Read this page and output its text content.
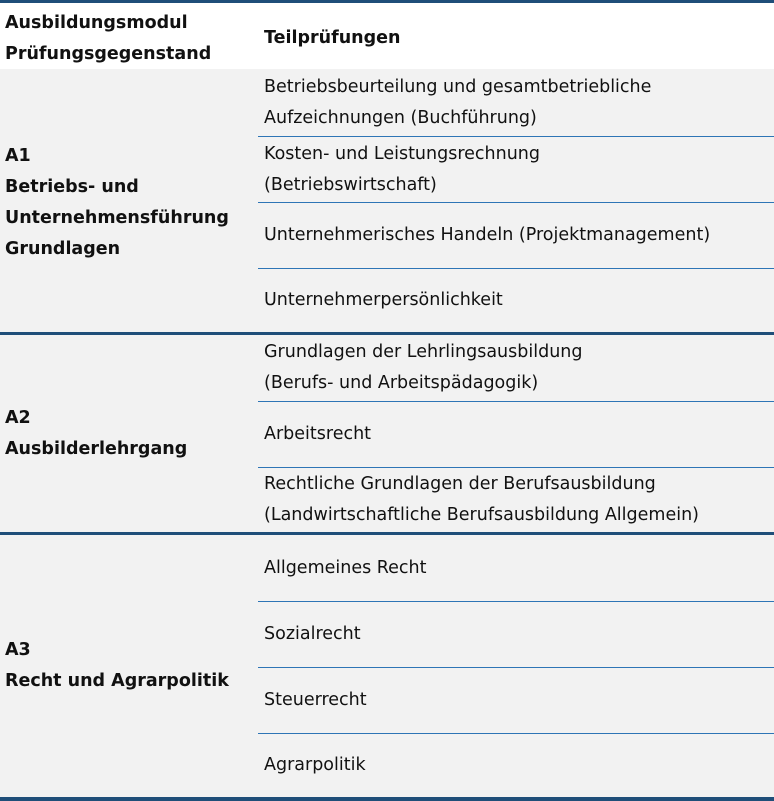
Ausbildungsmodul
Prüfungsgegenstand
Teilprüfungen
A1
Betriebs- und
Unternehmensführung
Grundlagen
Betriebsbeurteilung und gesamtbetriebliche
Aufzeichnungen (Buchführung)
Kosten- und Leistungsrechnung
(Betriebswirtschaft)
Unternehmerisches Handeln (Projektmanagement)
Unternehmerpersönlichkeit
A2
Ausbilderlehrgang
Grundlagen der Lehrlingsausbildung
(Berufs- und Arbeitspädagogik)
Arbeitsrecht
Rechtliche Grundlagen der Berufsausbildung
(Landwirtschaftliche Berufsausbildung Allgemein)
A3
Recht und Agrarpolitik
Allgemeines Recht
Sozialrecht
Steuerrecht
Agrarpolitik
